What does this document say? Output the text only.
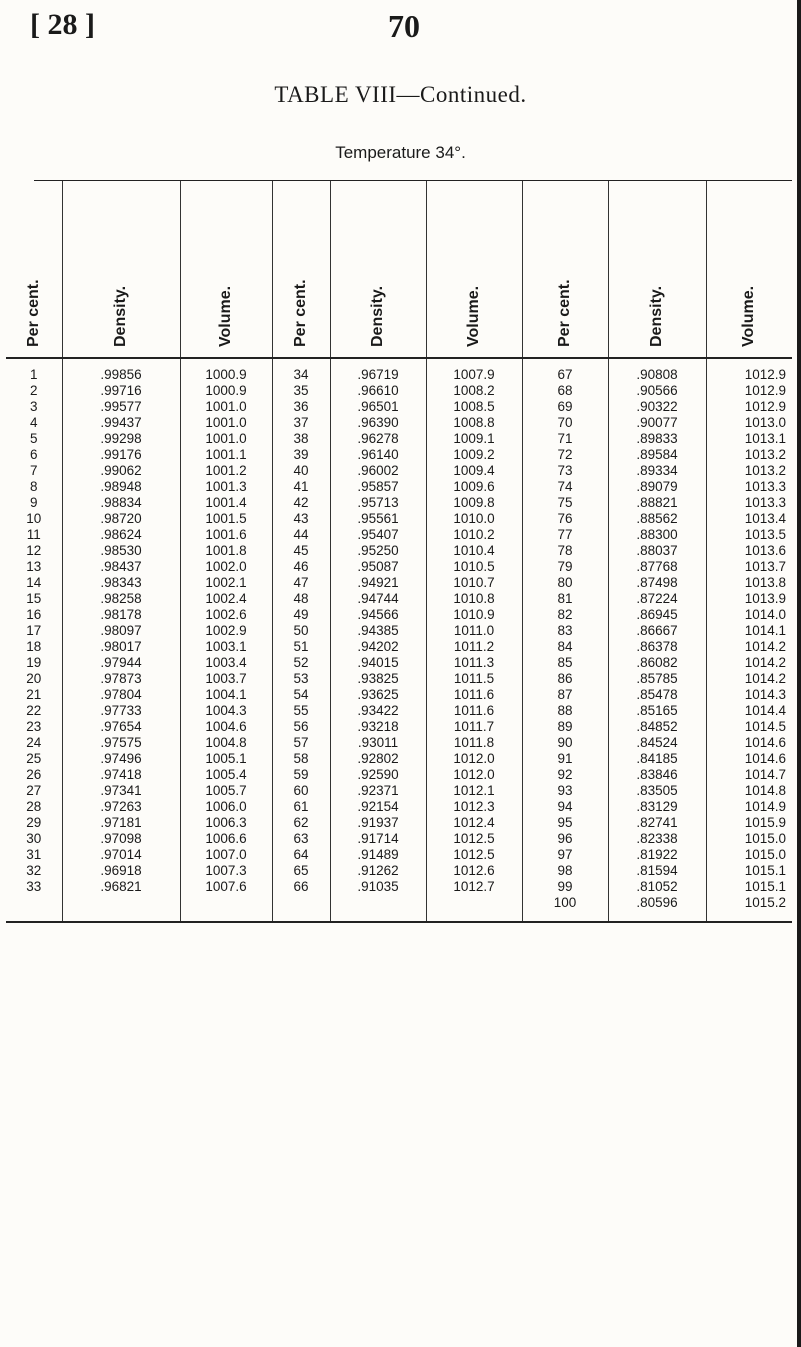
[ 28 ]	70
TABLE VIII—Continued.
Temperature 34°.
Per cent.	Density.	Volume.	Per cent.	Density.	Volume.	Per cent.	Density.	Volume.

1	.99856	1000.9	34	.96719	1007.9	67	.90808	1012.9
2	.99716	1000.9	35	.96610	1008.2	68	.90566	1012.9
3	.99577	1001.0	36	.96501	1008.5	69	.90322	1012.9
4	.99437	1001.0	37	.96390	1008.8	70	.90077	1013.0
5	.99298	1001.0	38	.96278	1009.1	71	.89833	1013.1
6	.99176	1001.1	39	.96140	1009.2	72	.89584	1013.2
7	.99062	1001.2	40	.96002	1009.4	73	.89334	1013.2
8	.98948	1001.3	41	.95857	1009.6	74	.89079	1013.3
9	.98834	1001.4	42	.95713	1009.8	75	.88821	1013.3
10	.98720	1001.5	43	.95561	1010.0	76	.88562	1013.4
11	.98624	1001.6	44	.95407	1010.2	77	.88300	1013.5
12	.98530	1001.8	45	.95250	1010.4	78	.88037	1013.6
13	.98437	1002.0	46	.95087	1010.5	79	.87768	1013.7
14	.98343	1002.1	47	.94921	1010.7	80	.87498	1013.8
15	.98258	1002.4	48	.94744	1010.8	81	.87224	1013.9
16	.98178	1002.6	49	.94566	1010.9	82	.86945	1014.0
17	.98097	1002.9	50	.94385	1011.0	83	.86667	1014.1
18	.98017	1003.1	51	.94202	1011.2	84	.86378	1014.2
19	.97944	1003.4	52	.94015	1011.3	85	.86082	1014.2
20	.97873	1003.7	53	.93825	1011.5	86	.85785	1014.2
21	.97804	1004.1	54	.93625	1011.6	87	.85478	1014.3
22	.97733	1004.3	55	.93422	1011.6	88	.85165	1014.4
23	.97654	1004.6	56	.93218	1011.7	89	.84852	1014.5
24	.97575	1004.8	57	.93011	1011.8	90	.84524	1014.6
25	.97496	1005.1	58	.92802	1012.0	91	.84185	1014.6
26	.97418	1005.4	59	.92590	1012.0	92	.83846	1014.7
27	.97341	1005.7	60	.92371	1012.1	93	.83505	1014.8
28	.97263	1006.0	61	.92154	1012.3	94	.83129	1014.9
29	.97181	1006.3	62	.91937	1012.4	95	.82741	1015.9
30	.97098	1006.6	63	.91714	1012.5	96	.82338	1015.0
31	.97014	1007.0	64	.91489	1012.5	97	.81922	1015.0
32	.96918	1007.3	65	.91262	1012.6	98	.81594	1015.1
33	.96821	1007.6	66	.91035	1012.7	99	.81052	1015.1
						100	.80596	1015.2
